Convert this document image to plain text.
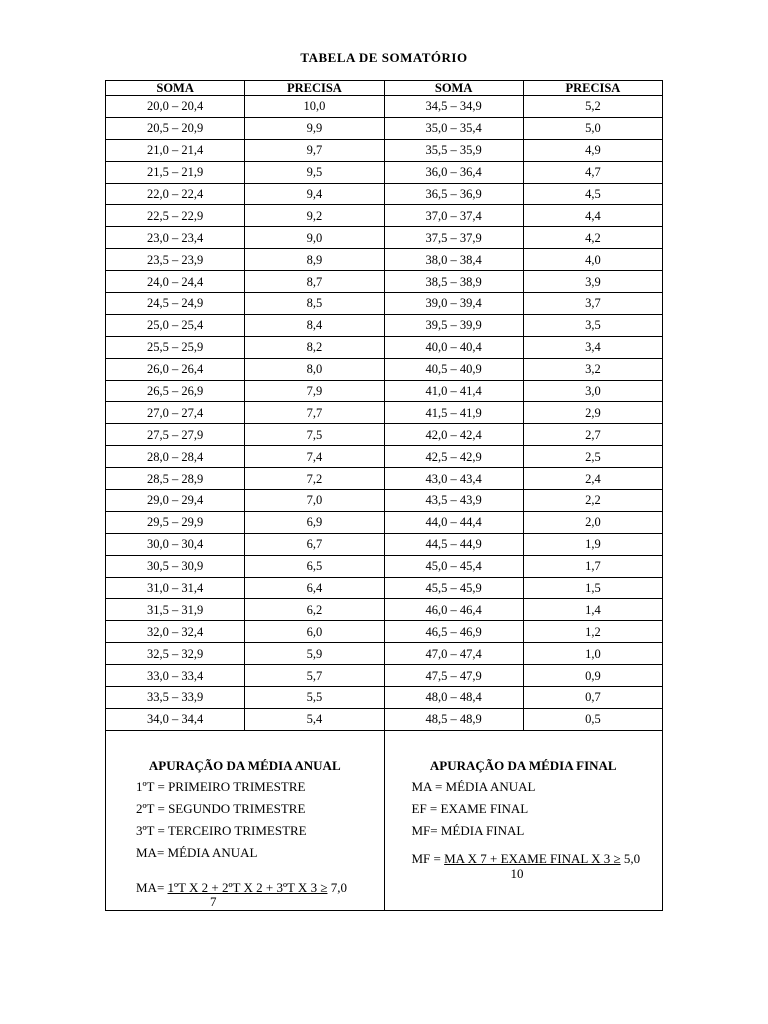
TABELA DE SOMATÓRIO
SOMA	PRECISA	SOMA	PRECISA
20,0 – 20,4	10,0	34,5 – 34,9	5,2
20,5 – 20,9	9,9	35,0 – 35,4	5,0
21,0 – 21,4	9,7	35,5 – 35,9	4,9
21,5 – 21,9	9,5	36,0 – 36,4	4,7
22,0 – 22,4	9,4	36,5 – 36,9	4,5
22,5 – 22,9	9,2	37,0 – 37,4	4,4
23,0 – 23,4	9,0	37,5 – 37,9	4,2
23,5 – 23,9	8,9	38,0 – 38,4	4,0
24,0 – 24,4	8,7	38,5 – 38,9	3,9
24,5 – 24,9	8,5	39,0 – 39,4	3,7
25,0 – 25,4	8,4	39,5 – 39,9	3,5
25,5 – 25,9	8,2	40,0 – 40,4	3,4
26,0 – 26,4	8,0	40,5 – 40,9	3,2
26,5 – 26,9	7,9	41,0 – 41,4	3,0
27,0 – 27,4	7,7	41,5 – 41,9	2,9
27,5 – 27,9	7,5	42,0 – 42,4	2,7
28,0 – 28,4	7,4	42,5 – 42,9	2,5
28,5 – 28,9	7,2	43,0 – 43,4	2,4
29,0 – 29,4	7,0	43,5 – 43,9	2,2
29,5 – 29,9	6,9	44,0 – 44,4	2,0
30,0 – 30,4	6,7	44,5 – 44,9	1,9
30,5 – 30,9	6,5	45,0 – 45,4	1,7
31,0 – 31,4	6,4	45,5 – 45,9	1,5
31,5 – 31,9	6,2	46,0 – 46,4	1,4
32,0 – 32,4	6,0	46,5 – 46,9	1,2
32,5 – 32,9	5,9	47,0 – 47,4	1,0
33,0 – 33,4	5,7	47,5 – 47,9	0,9
33,5 – 33,9	5,5	48,0 – 48,4	0,7
34,0 – 34,4	5,4	48,5 – 48,9	0,5
APURAÇÃO DA MÉDIA ANUAL
1ºT = PRIMEIRO TRIMESTRE
2ºT = SEGUNDO TRIMESTRE
3ºT = TERCEIRO TRIMESTRE
MA= MÉDIA ANUAL
MA= 1ºT X 2 + 2ºT X 2 + 3ºT X 3 ≥ 7,0
7
APURAÇÃO DA MÉDIA FINAL
MA = MÉDIA ANUAL
EF = EXAME FINAL
MF= MÉDIA FINAL
MF = MA X 7 + EXAME FINAL X 3 ≥ 5,0
10
